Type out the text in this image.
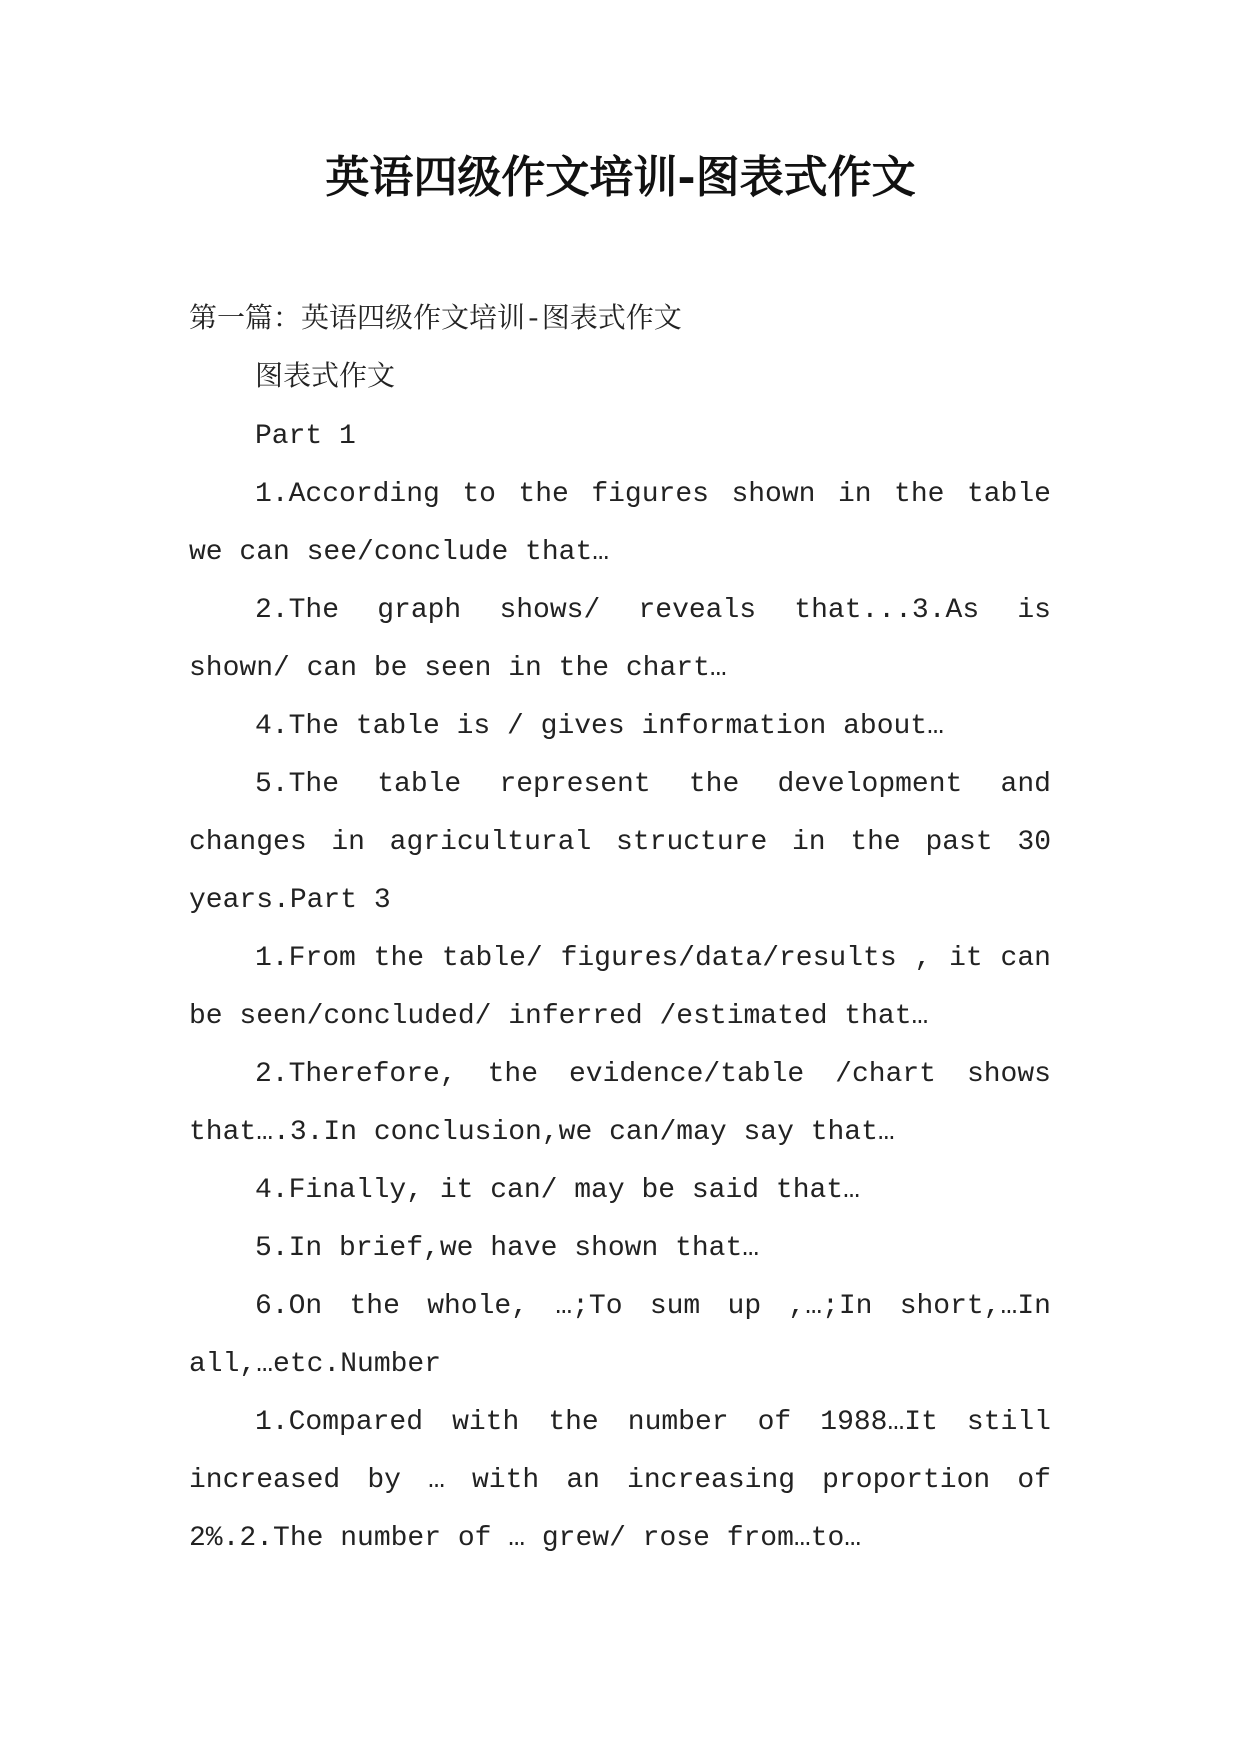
英语四级作文培训-图表式作文
第一篇：英语四级作文培训-图表式作文
图表式作文
Part 1
1.According to the figures shown in the table
we can see/conclude that…
2.The graph shows/ reveals that...3.As is
shown/ can be seen in the chart…
4.The table is / gives information about…
5.The table represent the development and
changes in agricultural structure in the past 30
years.Part 3
1.From the table/ figures/data/results , it can
be seen/concluded/ inferred /estimated that…
2.Therefore, the evidence/table /chart shows
that….3.In conclusion,we can/may say that…
4.Finally, it can/ may be said that…
5.In brief,we have shown that…
6.On the whole, …;To sum up ,…;In short,…In
all,…etc.Number
1.Compared with the number of 1988…It still
increased by … with an increasing proportion of
2%.2.The number of … grew/ rose from…to…
